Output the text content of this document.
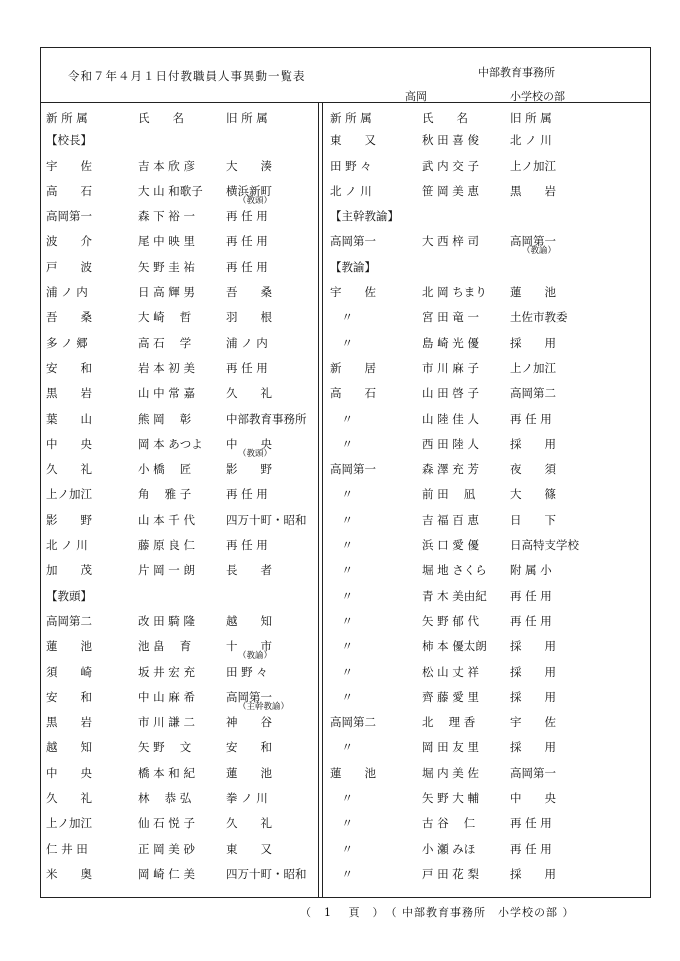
令和７年４月１日付教職員人事異動一覧表	中部教育事務所
高岡	小学校の部
新 所 属	氏　　名	旧 所 属
【校長】
宇　　佐	吉 本 欣 彦	大　　湊
高　　石	大 山 和歌子	横浜新町
（教頭）
高岡第一	森 下 裕 一	再 任 用
波　　介	尾 中 映 里	再 任 用
戸　　波	矢 野 圭 祐	再 任 用
浦 ノ 内	日 高 輝 男	吾　　桑
吾　　桑	大 崎　 哲	羽　　根
多 ノ 郷	高 石　 学	浦 ノ 内
安　　和	岩 本 初 美	再 任 用
黒　　岩	山 中 常 嘉	久　　礼
葉　　山	熊 岡　 彰	中部教育事務所
中　　央	岡 本 あつよ	中　　央
（教頭）
久　　礼	小 橋　 匠	影　　野
上ノ加江	角　 雅 子	再 任 用
影　　野	山 本 千 代	四万十町・昭和
北 ノ 川	藤 原 良 仁	再 任 用
加　　茂	片 岡 一 朗	長　　者
【教頭】
高岡第二	改 田 騎 隆	越　　知
蓮　　池	池 畠　 育	十　　市
（教諭）
須　　崎	坂 井 宏 充	田 野 々
安　　和	中 山 麻 希	高岡第一
（主幹教諭）
黒　　岩	市 川 謙 二	神　　谷
越　　知	矢 野　 文	安　　和
中　　央	橋 本 和 紀	蓮　　池
久　　礼	林　 恭 弘	拳 ノ 川
上ノ加江	仙 石 悦 子	久　　礼
仁 井 田	正 岡 美 砂	東　　又
米　　奥	岡 崎 仁 美	四万十町・昭和
新 所 属	氏　　名	旧 所 属
東　　又	秋 田 喜 俊	北 ノ 川
田 野 々	武 内 交 子	上ノ加江
北 ノ 川	笹 岡 美 恵	黒　　岩
【主幹教諭】
高岡第一	大 西 梓 司	高岡第一
（教諭）
【教諭】
宇　　佐	北 岡 ちまり	蓮　　池
　〃	宮 田 竜 一	土佐市教委
　〃	島 崎 光 優	採　　用
新　　居	市 川 麻 子	上ノ加江
高　　石	山 田 啓 子	高岡第二
　〃	山 陸 佳 人	再 任 用
　〃	西 田 陸 人	採　　用
高岡第一	森 澤 充 芳	夜　　須
　〃	前 田　 凪	大　　篠
　〃	吉 福 百 恵	日　　下
　〃	浜 口 愛 優	日高特支学校
　〃	堀 地 さくら	附 属 小
　〃	青 木 美由紀	再 任 用
　〃	矢 野 郁 代	再 任 用
　〃	柿 本 優太朗	採　　用
　〃	松 山 丈 祥	採　　用
　〃	齊 藤 愛 里	採　　用
高岡第二	北　 理 香	宇　　佐
　〃	岡 田 友 里	採　　用
蓮　　池	堀 内 美 佐	高岡第一
　〃	矢 野 大 輔	中　　央
　〃	古 谷　 仁	再 任 用
　〃	小 瀬 みほ	再 任 用
　〃	戸 田 花 梨	採　　用
（　1　 頁　）　（ 中部教育事務所　小学校の部 ）
